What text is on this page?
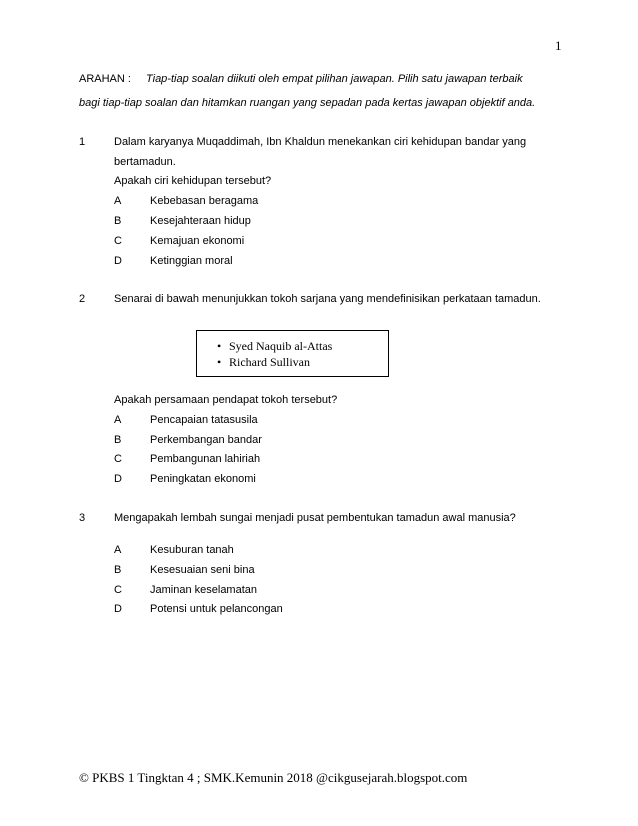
1
ARAHAN : Tiap-tiap soalan diikuti oleh empat pilihan jawapan. Pilih satu jawapan terbaik
bagi tiap-tiap soalan dan hitamkan ruangan yang sepadan pada kertas jawapan objektif anda.
1	Dalam karyanya Muqaddimah, Ibn Khaldun menekankan ciri kehidupan bandar yang
bertamadun.
Apakah ciri kehidupan tersebut?
A	Kebebasan beragama
B	Kesejahteraan hidup
C	Kemajuan ekonomi
D	Ketinggian moral
2	Senarai di bawah menunjukkan tokoh sarjana yang mendefinisikan perkataan tamadun.
• Syed Naquib al-Attas
• Richard Sullivan
Apakah persamaan pendapat tokoh tersebut?
A	Pencapaian tatasusila
B	Perkembangan bandar
C	Pembangunan lahiriah
D	Peningkatan ekonomi
3	Mengapakah lembah sungai menjadi pusat pembentukan tamadun awal manusia?
A	Kesuburan tanah
B	Kesesuaian seni bina
C	Jaminan keselamatan
D	Potensi untuk pelancongan
© PKBS 1 Tingktan 4 ; SMK.Kemunin 2018 @cikgusejarah.blogspot.com
